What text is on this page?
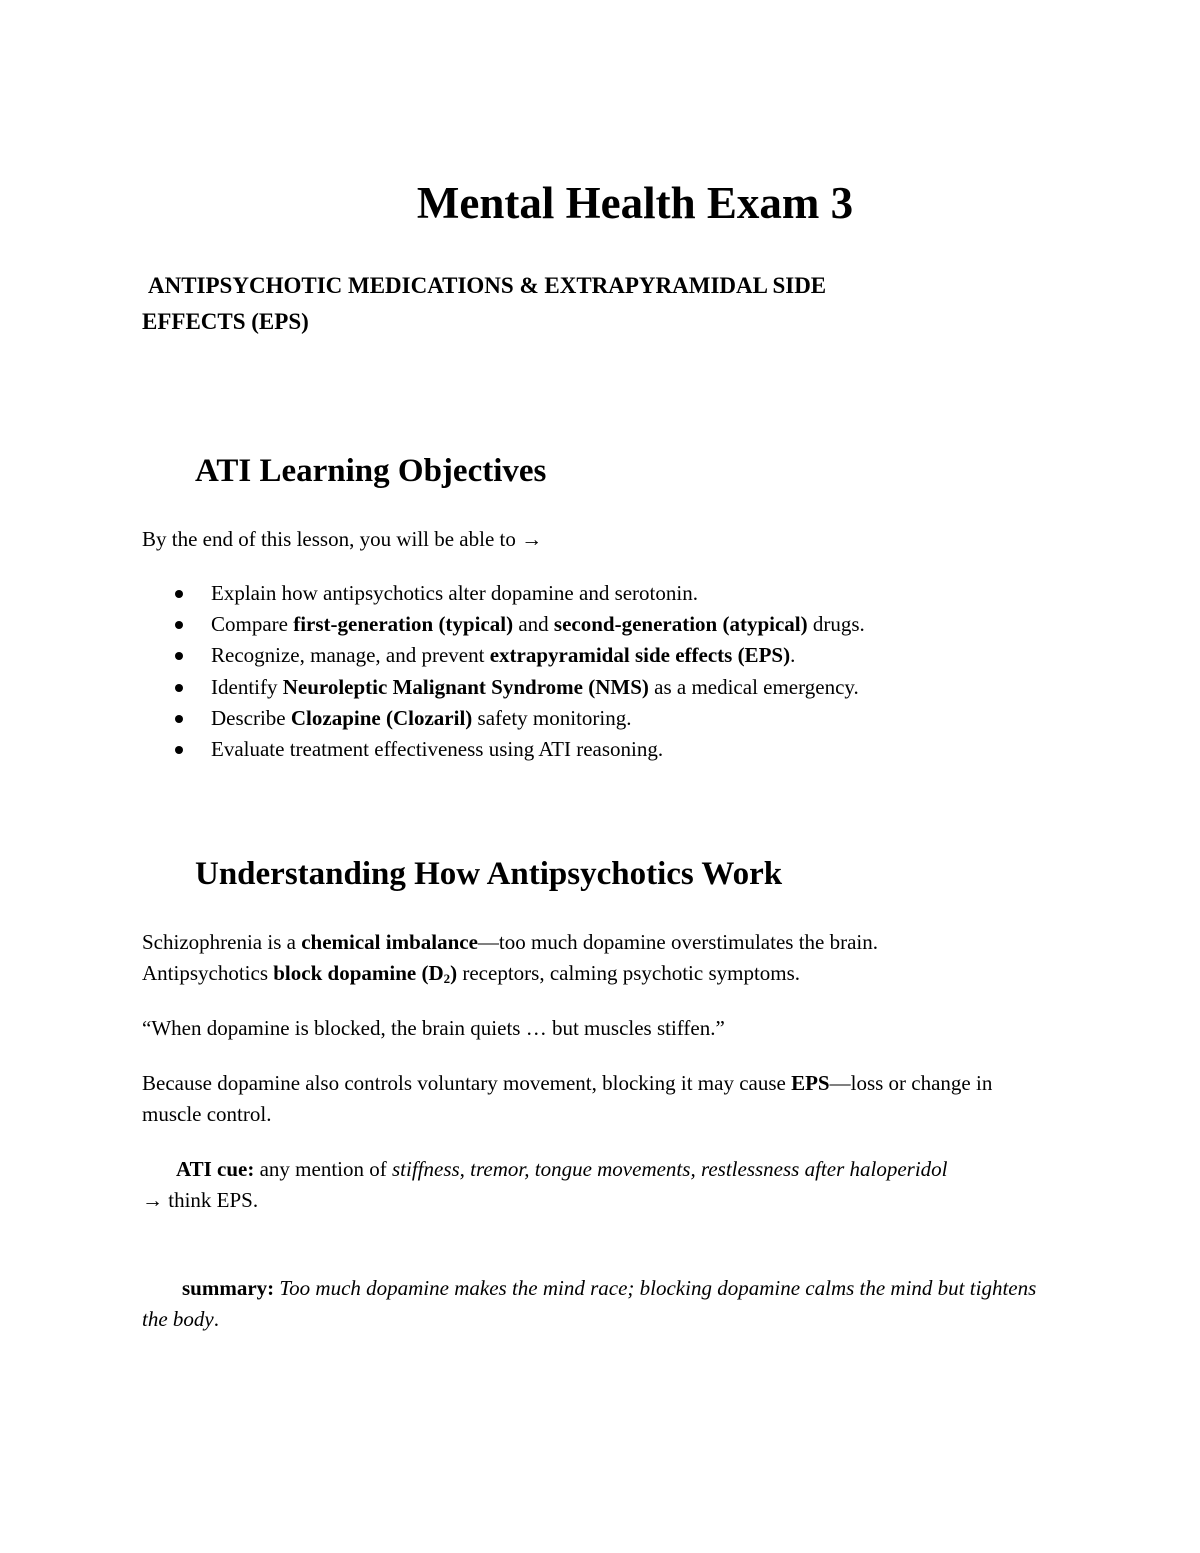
Mental Health Exam 3
ANTIPSYCHOTIC MEDICATIONS & EXTRAPYRAMIDAL SIDE
EFFECTS (EPS)
ATI Learning Objectives

By the end of this lesson, you will be able to →

Explain how antipsychotics alter dopamine and serotonin.
Compare first-generation (typical) and second-generation (atypical) drugs.
Recognize, manage, and prevent extrapyramidal side effects (EPS).
Identify Neuroleptic Malignant Syndrome (NMS) as a medical emergency.
Describe Clozapine (Clozaril) safety monitoring.
Evaluate treatment effectiveness using ATI reasoning.
Understanding How Antipsychotics Work
Schizophrenia is a chemical imbalance—too much dopamine overstimulates the brain.
Antipsychotics block dopamine $(D_2)$ receptors, calming psychotic symptoms.

“When dopamine is blocked, the brain quiets … but muscles stiffen.”

Because dopamine also controls voluntary movement, blocking it may cause EPS—loss or change in muscle control.
ATI cue: any mention of stiffness, tremor, tongue movements, restlessness after haloperidol
→ think EPS.
summary: Too much dopamine makes the mind race; blocking dopamine calms the mind but tightens the body.
